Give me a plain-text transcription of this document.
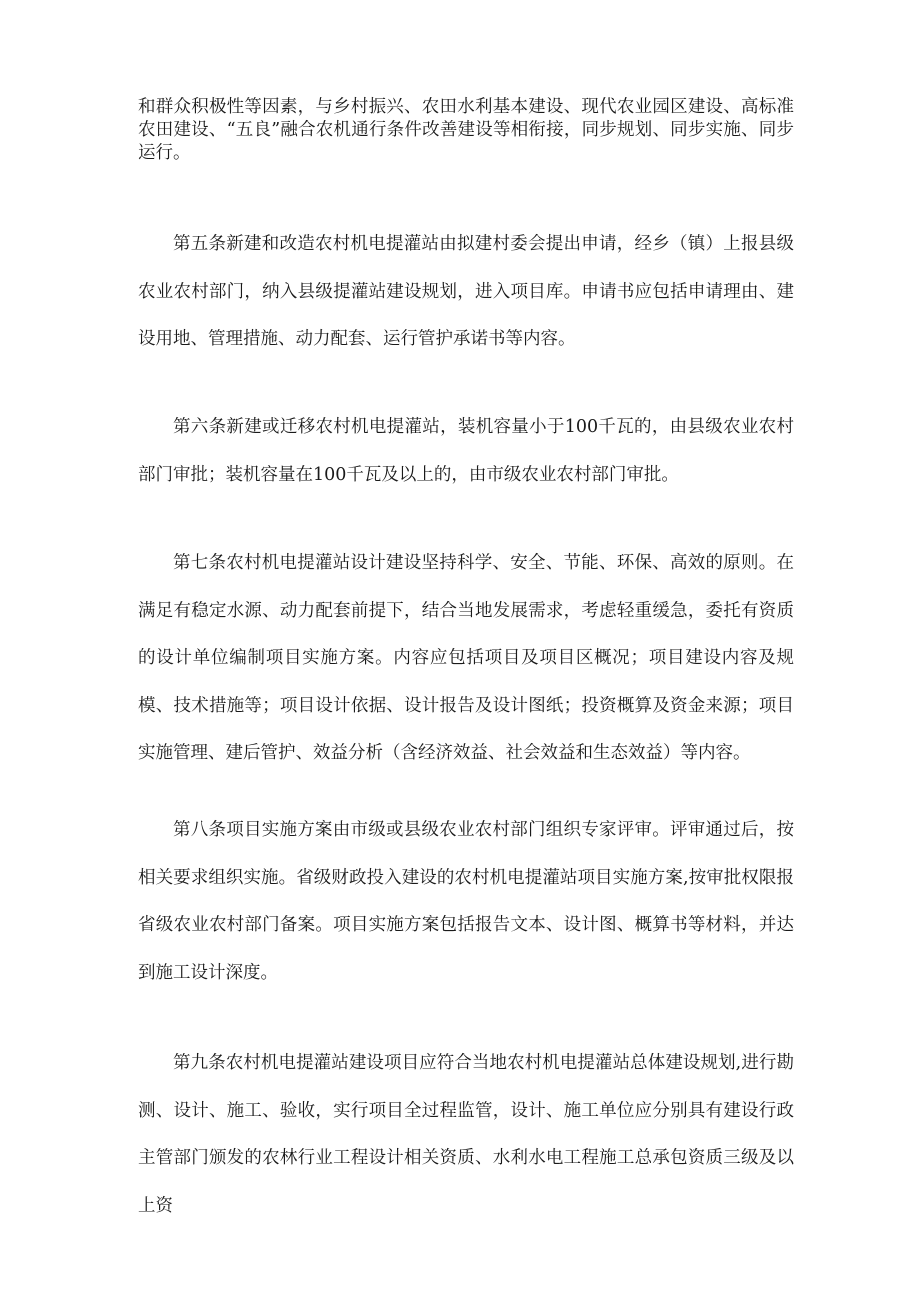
和群众积极性等因素，与乡村振兴、农田水利基本建设、现代农业园区建设、高标准农田建设、“五良”融合农机通行条件改善建设等相衔接，同步规划、同步实施、同步运行。

第五条新建和改造农村机电提灌站由拟建村委会提出申请，经乡（镇）上报县级农业农村部门，纳入县级提灌站建设规划，进入项目库。申请书应包括申请理由、建设用地、管理措施、动力配套、运行管护承诺书等内容。

第六条新建或迁移农村机电提灌站，装机容量小于100千瓦的，由县级农业农村部门审批；装机容量在100千瓦及以上的，由市级农业农村部门审批。

第七条农村机电提灌站设计建设坚持科学、安全、节能、环保、高效的原则。在满足有稳定水源、动力配套前提下，结合当地发展需求，考虑轻重缓急，委托有资质的设计单位编制项目实施方案。内容应包括项目及项目区概况；项目建设内容及规模、技术措施等；项目设计依据、设计报告及设计图纸；投资概算及资金来源；项目实施管理、建后管护、效益分析（含经济效益、社会效益和生态效益）等内容。

第八条项目实施方案由市级或县级农业农村部门组织专家评审。评审通过后，按相关要求组织实施。省级财政投入建设的农村机电提灌站项目实施方案,按审批权限报省级农业农村部门备案。项目实施方案包括报告文本、设计图、概算书等材料，并达到施工设计深度。

第九条农村机电提灌站建设项目应符合当地农村机电提灌站总体建设规划,进行勘测、设计、施工、验收，实行项目全过程监管，设计、施工单位应分别具有建设行政主管部门颁发的农林行业工程设计相关资质、水利水电工程施工总承包资质三级及以上资
